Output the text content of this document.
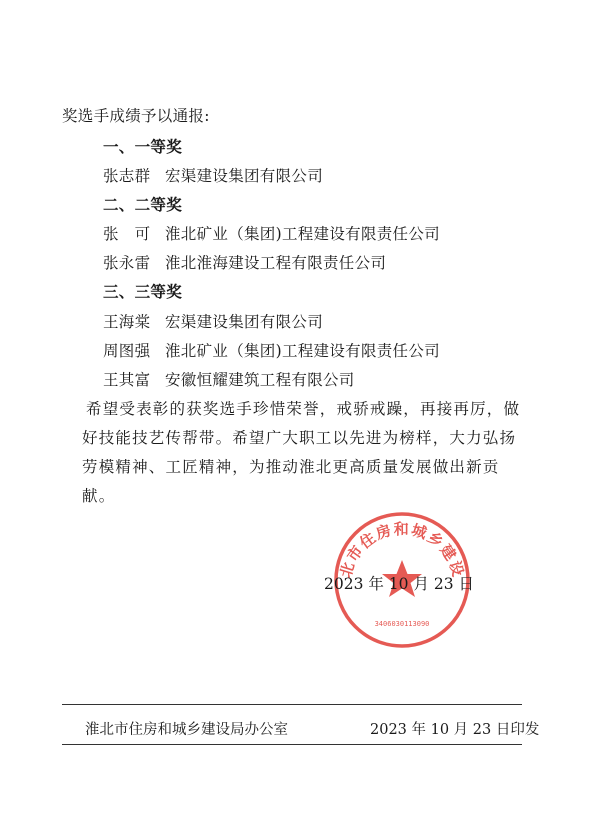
奖选手成绩予以通报:
一、一等奖
张志群 宏渠建设集团有限公司
二、二等奖
张　可 淮北矿业（集团)工程建设有限责任公司
张永雷 淮北淮海建设工程有限责任公司
三、三等奖
王海棠 宏渠建设集团有限公司
周图强 淮北矿业（集团)工程建设有限责任公司
王其富 安徽恒耀建筑工程有限公司
希望受表彰的获奖选手珍惜荣誉，戒骄戒躁，再接再厉，做好技能技艺传帮带。希望广大职工以先进为榜样，大力弘扬劳模精神、工匠精神，为推动淮北更高质量发展做出新贡献。
北市住房和城乡建设
3406030113090
2023 年 10 月 23 日
淮北市住房和城乡建设局办公室	2023 年 10 月 23 日印发
